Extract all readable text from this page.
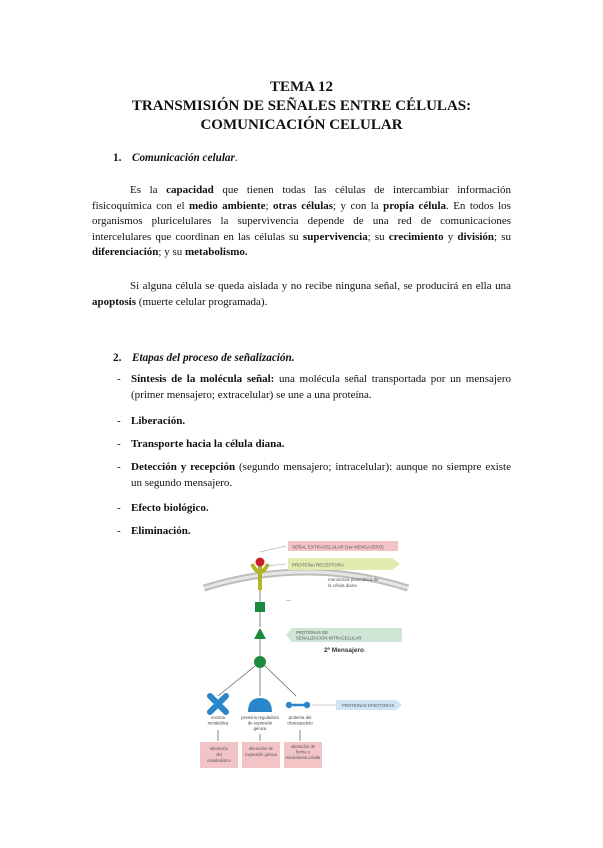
TEMA 12
TRANSMISIÓN DE SEÑALES ENTRE CÉLULAS:
COMUNICACIÓN CELULAR
1. Comunicación celular.
Es la capacidad que tienen todas las células de intercambiar información fisicoquímica con el medio ambiente; otras células; y con la propia célula. En todos los organismos pluricelulares la supervivencia depende de una red de comunicaciones intercelulares que coordinan en las células su supervivencia; su crecimiento y división; su diferenciación; y su metabolismo.
Si alguna célula se queda aislada y no recibe ninguna señal, se producirá en ella una apoptosis (muerte celular programada).
2. Etapas del proceso de señalización.
- Síntesis de la molécula señal: una molécula señal transportada por un mensajero (primer mensajero; extracelular) se une a una proteína.
- Liberación.
- Transporte hacia la célula diana.
- Detección y recepción (segundo mensajero; intracelular): aunque no siempre existe un segundo mensajero.
- Efecto biológico.
- Eliminación.
SEÑAL EXTRACELULAR (1er MENSAJERO)
PROTEÍNA RECEPTORA
membrana plasmática de la célula diana
—
PROTEÍNAS DE SEÑALIZACIÓN INTRACELULAR
2º Mensajero
PROTEÍNAS EFECTORAS
enzima metabólica
proteína reguladora de expresión génica
proteína del citoesqueleto
alteración del metabolismo
alteración de expresión génica
alteración de forma o movimiento celular
